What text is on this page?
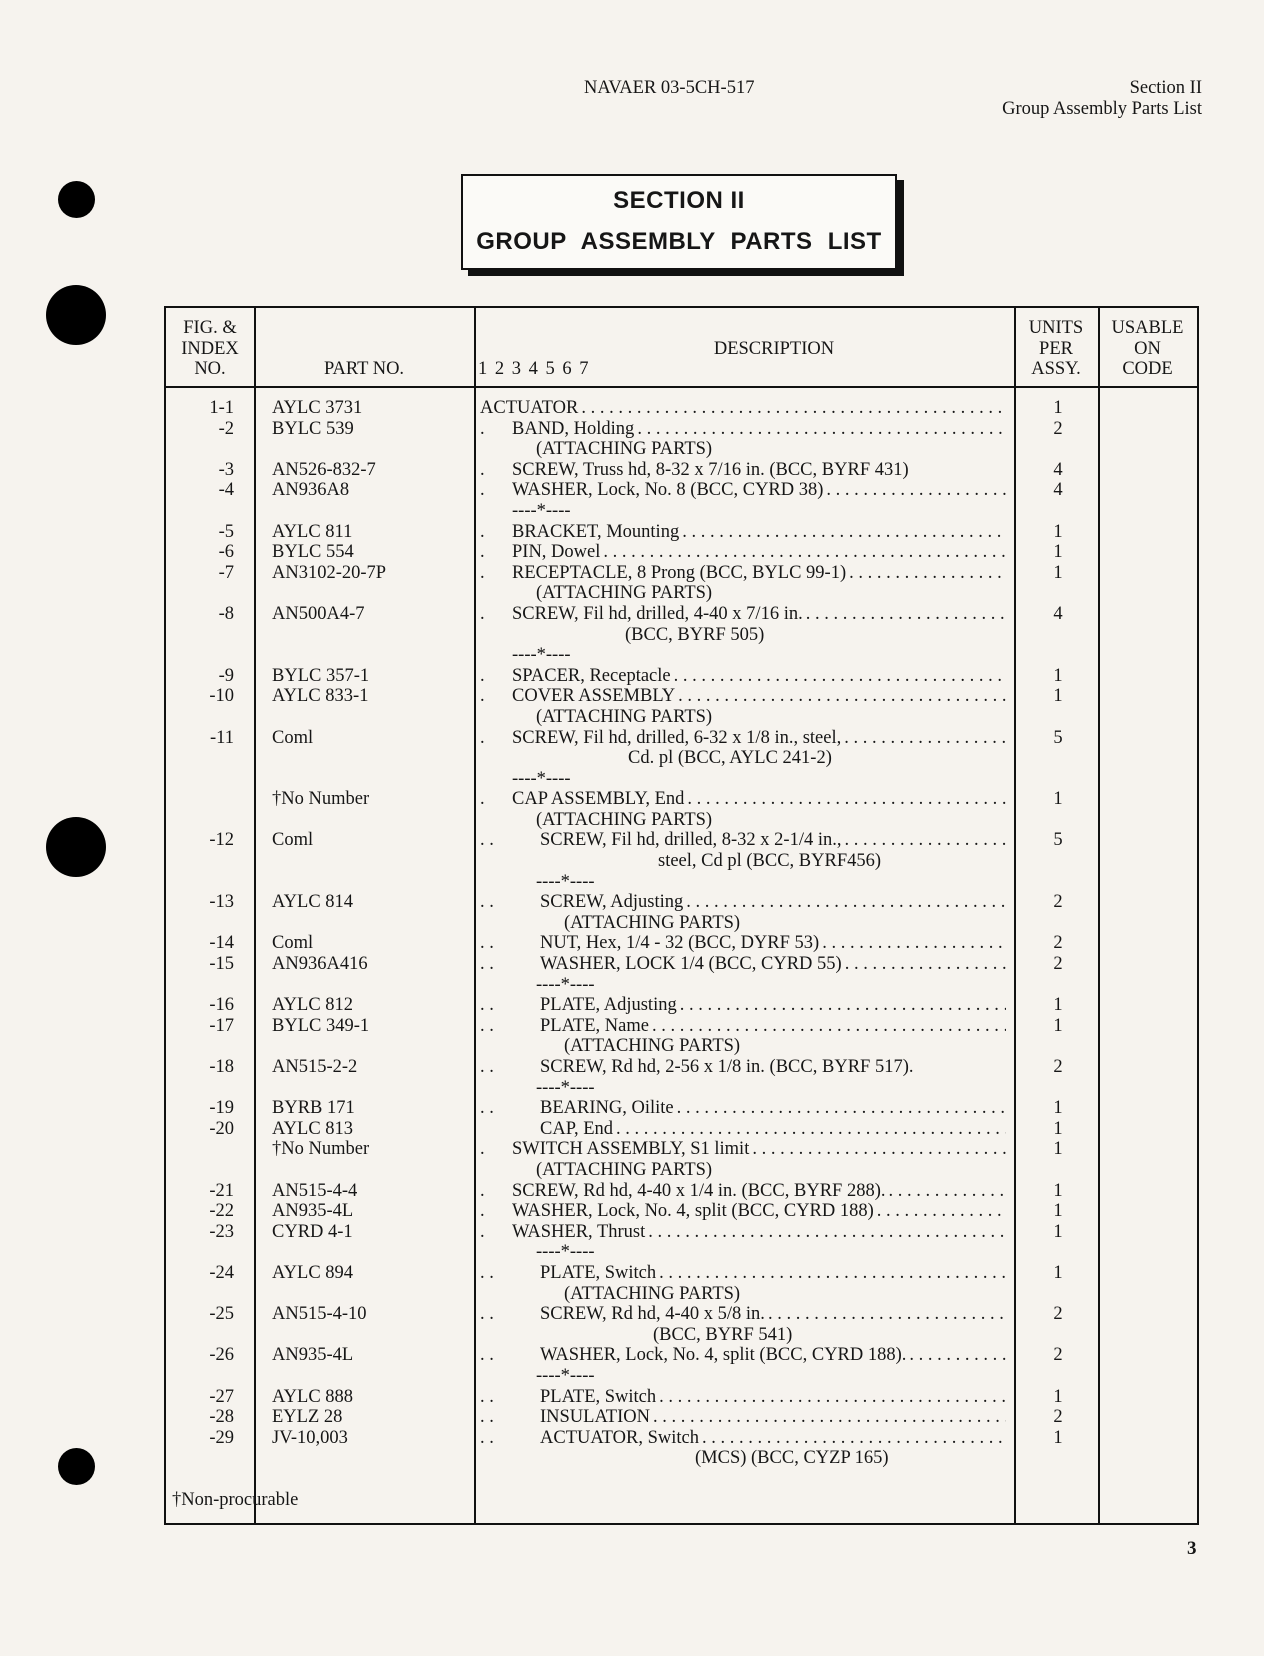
NAVAER 03-5CH-517	Section II
Group Assembly Parts List
SECTION II
GROUP ASSEMBLY PARTS LIST
FIG. &
INDEX
NO.	PART NO.
DESCRIPTION
1 2 3 4 5 6 7
UNITS
PER
ASSY.
USABLE
ON
CODE
1-1 AYLC 3731	ACTUATOR . . .	1
-2 BYLC 539	.	BAND, Holding . . .	2
(ATTACHING PARTS)
-3 AN526-832-7	.	SCREW, Truss hd, 8-32 x 7/16 in. (BCC, BYRF 431)	4
-4 AN936A8	.	WASHER, Lock, No. 8 (BCC, CYRD 38) . . .	4
----*----
-5 AYLC 811	.	BRACKET, Mounting . . .	1
-6 BYLC 554	.	PIN, Dowel . . .	1
-7 AN3102-20-7P	.	RECEPTACLE, 8 Prong (BCC, BYLC 99-1) . . .	1
(ATTACHING PARTS)
-8 AN500A4-7	.	SCREW, Fil hd, drilled, 4-40 x 7/16 in. . . .	4
(BCC, BYRF 505)
----*----
-9 BYLC 357-1	.	SPACER, Receptacle . . .	1
-10 AYLC 833-1	.	COVER ASSEMBLY . . .	1
(ATTACHING PARTS)
-11 Coml	.	SCREW, Fil hd, drilled, 6-32 x 1/8 in., steel, . . .	5
Cd. pl (BCC, AYLC 241-2)
----*----
†No Number	.	CAP ASSEMBLY, End . . .	1
(ATTACHING PARTS)
-12 Coml	. .	SCREW, Fil hd, drilled, 8-32 x 2-1/4 in., . . .	5
steel, Cd pl (BCC, BYRF456)
----*----
-13 AYLC 814	. .	SCREW, Adjusting . . .	2
(ATTACHING PARTS)
-14 Coml	. .	NUT, Hex, 1/4 - 32 (BCC, DYRF 53) . . .	2
-15 AN936A416	. .	WASHER, LOCK 1/4 (BCC, CYRD 55) . . .	2
----*----
-16 AYLC 812	. .	PLATE, Adjusting . . .	1
-17 BYLC 349-1	. .	PLATE, Name . . .	1
(ATTACHING PARTS)
-18 AN515-2-2	. .	SCREW, Rd hd, 2-56 x 1/8 in. (BCC, BYRF 517).	2
----*----
-19 BYRB 171	. .	BEARING, Oilite . . .	1
-20 AYLC 813	CAP, End . . .	1
†No Number	.	SWITCH ASSEMBLY, S1 limit . . .	1
(ATTACHING PARTS)
-21 AN515-4-4	.	SCREW, Rd hd, 4-40 x 1/4 in. (BCC, BYRF 288). . . .	1
-22 AN935-4L	.	WASHER, Lock, No. 4, split (BCC, CYRD 188) . . .	1
-23 CYRD 4-1	.	WASHER, Thrust . . .	1
----*----
-24 AYLC 894	. .	PLATE, Switch . . .	1
(ATTACHING PARTS)
-25 AN515-4-10	. .	SCREW, Rd hd, 4-40 x 5/8 in. . . .	2
(BCC, BYRF 541)
-26 AN935-4L	. .	WASHER, Lock, No. 4, split (BCC, CYRD 188). . . .	2
----*----
-27 AYLC 888	. .	PLATE, Switch . . .	1
-28 EYLZ 28	. .	INSULATION . . .	2
-29 JV-10,003	. .	ACTUATOR, Switch . . .	1
(MCS) (BCC, CYZP 165)
†Non-procurable
3
